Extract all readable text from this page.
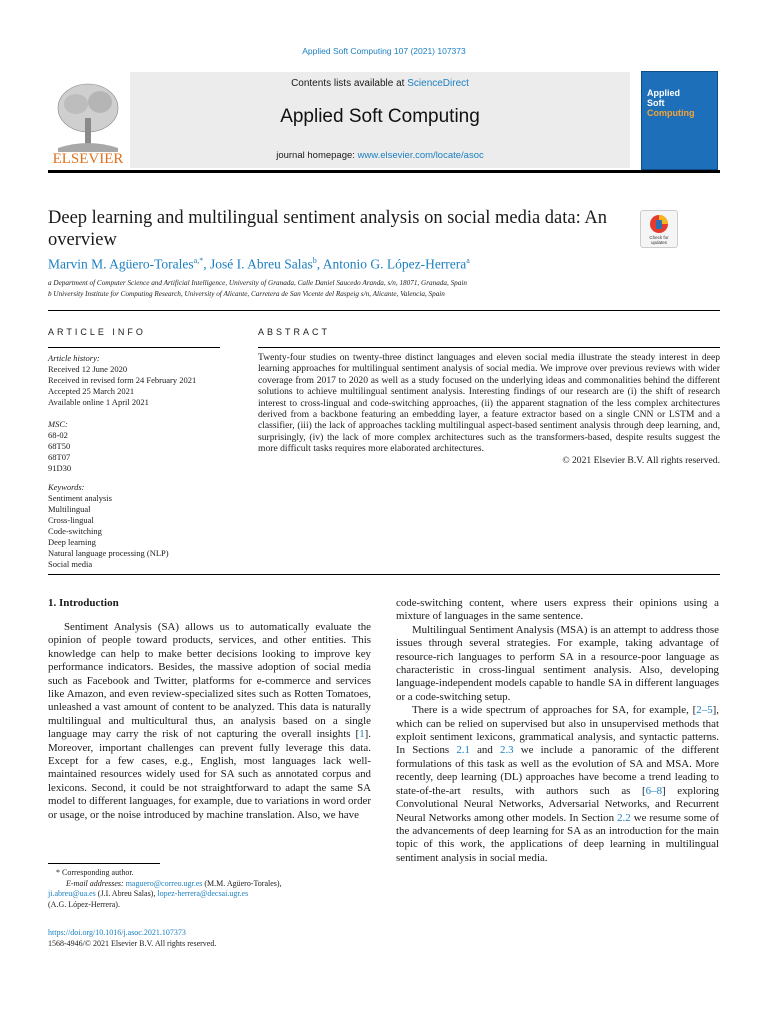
Applied Soft Computing 107 (2021) 107373
ELSEVIER
Contents lists available at ScienceDirect
Applied Soft Computing
journal homepage: www.elsevier.com/locate/asoc
Applied
Soft
Computing
Deep learning and multilingual sentiment analysis on social media data: An overview	Check for updates
Marvin M. Agüero-Torales$^{a,*}$, José I. Abreu Salas$^b$, Antonio G. López-Herrera$^a$
a Department of Computer Science and Artificial Intelligence, University of Granada, Calle Daniel Saucedo Aranda, s/n, 18071, Granada, Spain
b University Institute for Computing Research, University of Alicante, Carretera de San Vicente del Raspeig s/n, Alicante, Valencia, Spain
ARTICLE INFO
Article history:
Received 12 June 2020
Received in revised form 24 February 2021
Accepted 25 March 2021
Available online 1 April 2021
MSC:
68-02
68T50
68T07
91D30
Keywords:
Sentiment analysis
Multilingual
Cross-lingual
Code-switching
Deep learning
Natural language processing (NLP)
Social media
ABSTRACT
Twenty-four studies on twenty-three distinct languages and eleven social media illustrate the steady interest in deep learning approaches for multilingual sentiment analysis of social media. We improve over previous reviews with wider coverage from 2017 to 2020 as well as a study focused on the underlying ideas and commonalities behind the different solutions to achieve multilingual sentiment analysis. Interesting findings of our research are (i) the shift of research interest to cross-lingual and code-switching approaches, (ii) the apparent stagnation of the less complex architectures derived from a backbone featuring an embedding layer, a feature extractor based on a single CNN or LSTM and a classifier, (iii) the lack of approaches tackling multilingual aspect-based sentiment analysis through deep learning, and, surprisingly, (iv) the lack of more complex architectures such as the transformers-based, despite results suggest the more difficult tasks requires more elaborated architectures.
© 2021 Elsevier B.V. All rights reserved.
1. Introduction

Sentiment Analysis (SA) allows us to automatically evaluate the opinion of people toward products, services, and other entities. This knowledge can help to make better decisions looking to improve key performance indicators. Besides, the massive adoption of social media such as Facebook and Twitter, platforms for e-commerce and services like Amazon, and even review-specialized sites such as Rotten Tomatoes, unleashed a vast amount of content to be analyzed. This data is naturally multilingual and multicultural thus, an analysis based on a single language may carry the risk of not capturing the overall insights [1]. Moreover, important challenges can prevent fully leverage this data. Except for a few cases, e.g., English, most languages lack well-maintained resources widely used for SA such as annotated corpus and lexicons. Second, it could be not straightforward to adapt the same SA model to different languages, for example, due to variations in word order or usage, or the noise introduced by machine translation. Also, we have

code-switching content, where users express their opinions using a mixture of languages in the same sentence.

Multilingual Sentiment Analysis (MSA) is an attempt to address those issues through several strategies. For example, taking advantage of resource-rich languages to perform SA in a resource-poor language as characteristic in cross-lingual sentiment analysis. Also, developing language-independent models capable to handle SA in different languages or a code-switching setup.

There is a wide spectrum of approaches for SA, for example, [2–5], which can be relied on supervised but also in unsupervised methods that exploit sentiment lexicons, grammatical analysis, and syntactic patterns. In Sections 2.1 and 2.3 we include a panoramic of the different formulations of this task as well as the evolution of SA and MSA. More recently, deep learning (DL) approaches have become a trend leading to state-of-the-art results, with authors such as [6–8] exploring Convolutional Neural Networks, Adversarial Networks, and Recurrent Neural Networks among other models. In Section 2.2 we resume some of the advancements of deep learning for SA as an introduction for the main topic of this work, the applications of deep learning in multilingual sentiment analysis in social media.

* Corresponding author.
E-mail addresses: maguero@correo.ugr.es (M.M. Agüero-Torales),
ji.abreu@ua.es (J.I. Abreu Salas), lopez-herrera@decsai.ugr.es
(A.G. López-Herrera).
https://doi.org/10.1016/j.asoc.2021.107373
1568-4946/© 2021 Elsevier B.V. All rights reserved.
